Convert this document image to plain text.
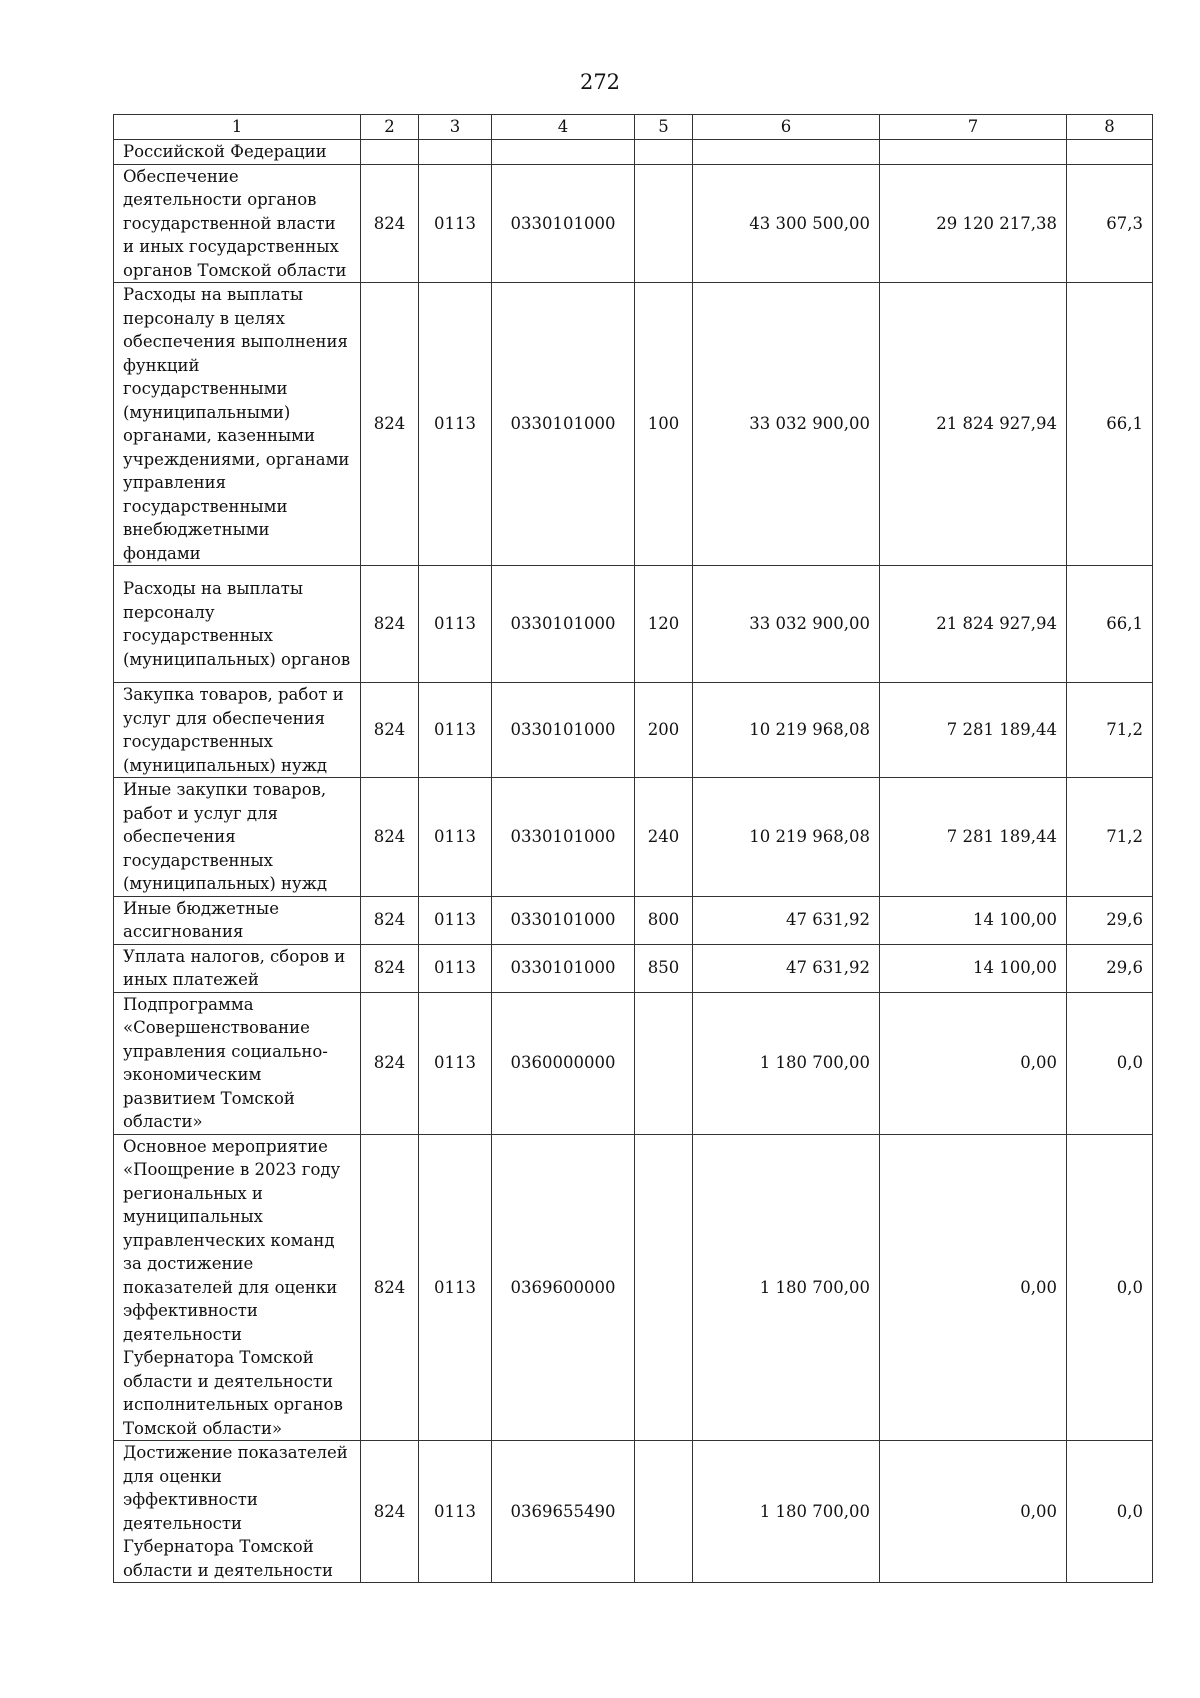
272
1	2	3	4	5	6	7	8
Российской Федерации							
Обеспечение деятельности органов государственной власти и иных государственных органов Томской области	824	0113	0330101000		43 300 500,00	29 120 217,38	67,3
Расходы на выплаты персоналу в целях обеспечения выполнения функций государственными (муниципальными) органами, казенными учреждениями, органами управления государственными внебюджетными фондами	824	0113	0330101000	100	33 032 900,00	21 824 927,94	66,1
Расходы на выплаты персоналу государственных (муниципальных) органов	824	0113	0330101000	120	33 032 900,00	21 824 927,94	66,1
Закупка товаров, работ и услуг для обеспечения государственных (муниципальных) нужд	824	0113	0330101000	200	10 219 968,08	7 281 189,44	71,2
Иные закупки товаров, работ и услуг для обеспечения государственных (муниципальных) нужд	824	0113	0330101000	240	10 219 968,08	7 281 189,44	71,2
Иные бюджетные ассигнования	824	0113	0330101000	800	47 631,92	14 100,00	29,6
Уплата налогов, сборов и иных платежей	824	0113	0330101000	850	47 631,92	14 100,00	29,6
Подпрограмма «Совершенствование управления социально-экономическим развитием Томской области»	824	0113	0360000000		1 180 700,00	0,00	0,0
Основное мероприятие «Поощрение в 2023 году региональных и муниципальных управленческих команд за достижение показателей для оценки эффективности деятельности Губернатора Томской области и деятельности исполнительных органов Томской области»	824	0113	0369600000		1 180 700,00	0,00	0,0
Достижение показателей для оценки эффективности деятельности Губернатора Томской области и деятельности	824	0113	0369655490		1 180 700,00	0,00	0,0
